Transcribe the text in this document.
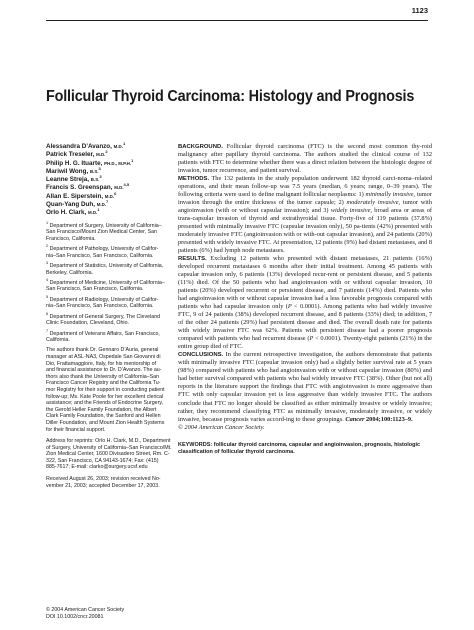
1123
Follicular Thyroid Carcinoma: Histology and Prognosis
Alessandra D’Avanzo, M.D.$^1$
Patrick Treseler, M.D.$^2$
Philip H. G. Ituarte, PH.D., M.P.H.$^1$
Mariwil Wong, B.S.$^3$
Leanne Streja, B.S.$^3$
Francis S. Greenspan, M.D.$^{4,5}$
Allan E. Siperstein, M.D.$^6$
Quan-Yang Duh, M.D.$^7$
Orlo H. Clark, M.D.$^1$
$^1$ Department of Surgery, University of California–
San Francisco/Mount Zion Medical Center, San
Francisco, California.
$^2$ Department of Pathology, University of Califor-
nia–San Francisco, San Francisco, California.
$^3$ Department of Statistics, University of California,
Berkeley, California.
$^4$ Department of Medicine, University of California–
San Francisco, San Francisco, California.
$^5$ Department of Radiology, University of Califor-
nia–San Francisco, San Francisco, California.
$^6$ Department of General Surgery, The Cleveland
Clinic Foundation, Cleveland, Ohio.
$^7$ Department of Veterans Affairs, San Francisco,
California.
The authors thank Dr. Gennaro D’Auria, general
manager at ASL-NA3, Ospedale San Giovanni di
Dio, Frattamaggiore, Italy, for his mentorship of
and financial assistance to Dr. D’Avanzo. The au-
thors also thank the University of California–San
Francisco Cancer Registry and the California Tu-
mor Registry for their support in conducting patient
follow-up; Ms. Kate Poole for her excellent clerical
assistance; and the Friends of Endocrine Surgery,
the Gerold Heller Family Foundation, the Albert
Clark Family Foundation, the Sanford and Hellen
Diller Foundation, and Mount Zion Health Systems
for their financial support.
Address for reprints: Orlo H. Clark, M.D., Department
of Surgery, University of California–San Francisco/Mt.
Zion Medical Center, 1600 Divisadero Street, Rm. C-
322, San Francisco, CA 94143-1674; Fax: (415)
885-7617; E-mail: clarko@surgery.ucsf.edu
Received August 26, 2003; revision received No-
vember 21, 2003; accepted December 17, 2003.
© 2004 American Cancer Society
DOI 10.1002/cncr.20081

BACKGROUND. Follicular thyroid carcinoma (FTC) is the second most common thy-roid malignancy after papillary thyroid carcinoma. The authors studied the clinical course of 132 patients with FTC to determine whether there was a direct relation between the histologic degree of invasion, tumor recurrence, and patient survival.

METHODS. The 132 patients in the study population underwent 182 thyroid carci-noma–related operations, and their mean follow-up was 7.5 years (median, 6 years; range, 0–39 years). The following criteria were used to define malignant follicular neoplasms: 1) minimally invasive, tumor invasion through the entire thickness of the tumor capsule; 2) moderately invasive, tumor with angioinvasion (with or without capsular invasion); and 3) widely invasive, broad area or areas of trans-capsular invasion of thyroid and extrathyroidal tissue. Forty-five of 119 patients (37.8%) presented with minimally invasive FTC (capsular invasion only), 50 pa-tients (42%) presented with moderately invasive FTC (angioinvasion with or with-out capsular invasion), and 24 patients (20%) presented with widely invasive FTC. At presentation, 12 patients (9%) had distant metastases, and 8 patients (6%) had lymph node metastases.

RESULTS. Excluding 12 patients who presented with distant metastases, 21 patients (16%) developed recurrent metastases 6 months after their initial treatment. Among 45 patients with capsular invasion only, 6 patients (13%) developed recur-rent or persistent disease, and 5 patients (11%) died. Of the 50 patients who had angioinvasion with or without capsular invasion, 10 patients (20%) developed recurrent or persistent disease, and 7 patients (14%) died. Patients who had angioinvasion with or without capsular invasion had a less favorable prognosis compared with patients who had capsular invasion only (P < 0.0001). Among patients who had widely invasive FTC, 9 of 24 patients (38%) developed recurrent disease, and 8 patients (33%) died; in addition, 7 of the other 24 patients (29%) had persistent disease and died. The overall death rate for patients with widely invasive FTC was 62%. Patients with persistent disease had a poorer prognosis compared with patients who had recurrent disease (P < 0.0001). Twenty-eight patients (21%) in the entire group died of FTC.

CONCLUSIONS. In the current retrospective investigation, the authors demonstrate that patients with minimally invasive FTC (capsular invasion only) had a slightly better survival rate at 5 years (98%) compared with patients who had angioinvasion with or without capsular invasion (80%) and had better survival compared with patients who had widely invasive FTC (38%). Other (but not all) reports in the literature support the findings that FTC with angioinvasion is more aggressive than FTC with only capsular invasion yet is less aggressive than widely invasive FTC. The authors conclude that FTC no longer should be classified as either minimally invasive or widely invasive; rather, they recommend classifying FTC as minimally invasive, moderately invasive, or widely invasive, because prognosis varies accord-ing to these groupings. Cancer 2004;100:1123–9.

© 2004 American Cancer Society.

KEYWORDS: follicular thyroid carcinoma, capsular and angioinvasion, prognosis, histologic classification of follicular thyroid carcinoma.
